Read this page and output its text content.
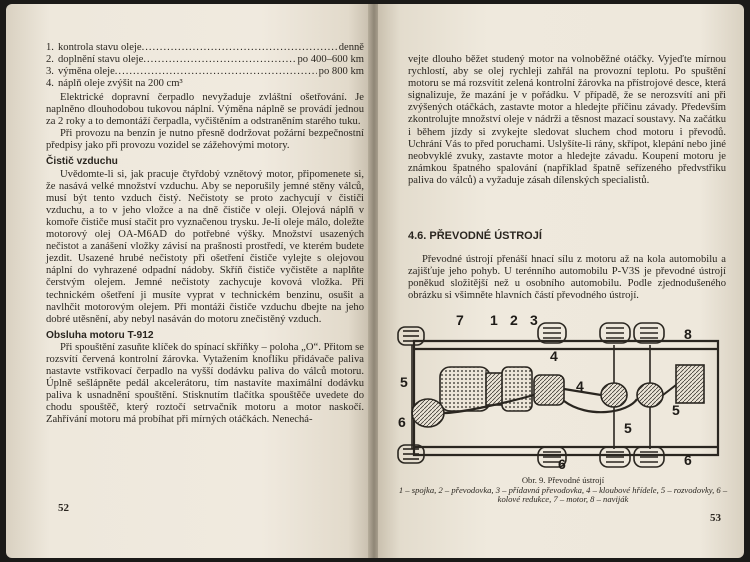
1. kontrola stavu oleje .....	denně
2. doplnění stavu oleje .....	po 400–600 km
3. výměna oleje .....	po 800 km
4. náplň oleje zvýšit na 200 cm³

Elektrické dopravní čerpadlo nevyžaduje zvláštní ošetřování. Je naplněno dlouhodobou tukovou náplní. Výměna náplně se provádí jednou za 2 roky a to demontáží čerpadla, vyčištěním a odstraněním starého tuku.

Při provozu na benzín je nutno přesně dodržovat požární bezpečnostní předpisy jako při provozu vozidel se zážehovými motory.

Čistič vzduchu

Uvědomte-li si, jak pracuje čtyřdobý vznětový motor, připomenete si, že nasává velké množství vzduchu. Aby se neporušily jemné stěny válců, musí být tento vzduch čistý. Nečistoty se proto zachycují v čističi vzduchu, a to v jeho vložce a na dně čističe v oleji. Olejová náplň v komoře čističe musí stačit pro vyznačenou trysku. Je-li oleje málo, doležte motorový olej OA-M6AD do potřebné výšky. Množství usazených nečistot a zanášení vložky závisí na prašnosti prostředí, ve kterém budete jezdit. Usazené hrubé nečistoty při ošetření čističe vylejte s olejovou náplní do vyhrazené odpadní nádoby. Skříň čističe vyčistěte a naplňte čerstvým olejem. Jemné nečistoty zachycuje kovová vložka. Při technickém ošetření ji musíte vyprat v technickém benzinu, osušit a navlhčit motorovým olejem. Při montáži čističe vzduchu dbejte na jeho dobré utěsnění, aby nebyl nasáván do motoru znečistěný vzduch.

Obsluha motoru T-912

Při spouštění zasuňte klíček do spínací skříňky – poloha „O“. Přitom se rozsvítí červená kontrolní žárovka. Vytažením knoflíku přidávače paliva nastavte vstřikovací čerpadlo na vyšší dodávku paliva do válců motoru. Úplně sešlápněte pedál akcelerátoru, tím nastavíte maximální dodávku paliva k usnadnění spouštění. Stisknutím tlačítka spouštěče uvedete do chodu spouštěč, který roztočí setrvačník motoru a motor naskočí. Zahřívání motoru má probíhat při mírných otáčkách. Nenechá-

52

vejte dlouho běžet studený motor na volnoběžné otáčky. Vyjeďte mírnou rychlostí, aby se olej rychleji zahřál na provozní teplotu. Po spuštění motoru se má rozsvítit zelená kontrolní žárovka na přístrojové desce, která signalizuje, že mazání je v pořádku. V případě, že se nerozsvítí ani při zvýšených otáčkách, zastavte motor a hledejte příčinu závady. Především zkontrolujte množství oleje v nádrži a těsnost mazací soustavy. Na začátku i během jízdy si zvykejte sledovat sluchem chod motoru i převodů. Uchrání Vás to před poruchami. Uslyšíte-li rány, skřípot, klepání nebo jiné neobvyklé zvuky, zastavte motor a hledejte závadu. Koupení motoru je známkou špatného spalování (například špatně seřízeného předvstřiku paliva do válců) a vyžaduje zásah dílenských specialistů.

4.6. PŘEVODNÉ ÚSTROJÍ

Převodné ústrojí přenáší hnací sílu z motoru až na kola automobilu a zajišťuje jeho pohyb. U terénního automobilu P-V3S je převodné ústrojí poněkud složitější než u osobního automobilu. Podle zjednodušeného obrázku si všimněte hlavních částí převodného ústrojí.

7 1 2 3
8
4
5	4
5
6	5
6	6
Obr. 9. Převodné ústrojí
1 – spojka, 2 – převodovka, 3 – přídavná převodovka, 4 – kloubové hřídele, 5 – rozvodovky, 6 – kolové redukce, 7 – motor, 8 – naviják
53
